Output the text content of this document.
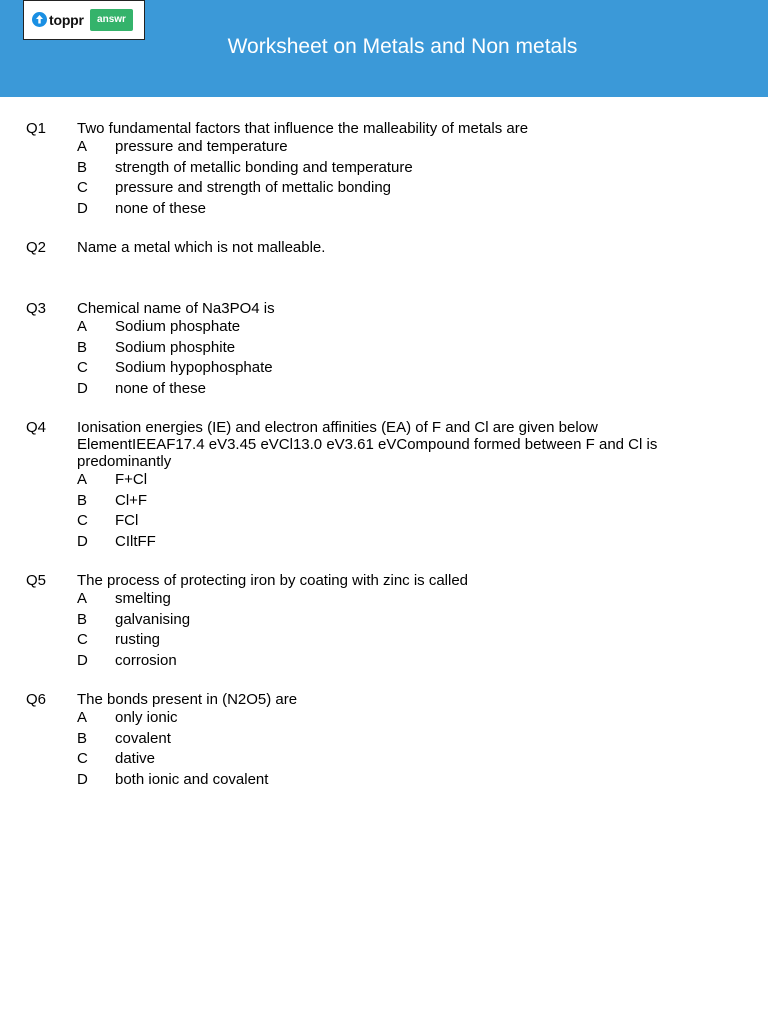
toppr	answr
Worksheet on Metals and Non metals
Q1 Two fundamental factors that influence the malleability of metals are
A pressure and temperature
B strength of metallic bonding and temperature
C pressure and strength of mettalic bonding
D none of these
Q2 Name a metal which is not malleable.
Q3 Chemical name of Na3PO4 is
A Sodium phosphate
B Sodium phosphite
C Sodium hypophosphate
D none of these
Q4 Ionisation energies (IE) and electron affinities (EA) of F and Cl are given below ElementIEEAF17.4 eV3.45 eVCl13.0 eV3.61 eVCompound formed between F and Cl is predominantly
A F+Cl
B Cl+F
C FCl
D CIltFF
Q5 The process of protecting iron by coating with zinc is called
A smelting
B galvanising
C rusting
D corrosion
Q6 The bonds present in (N2O5) are
A only ionic
B covalent
C dative
D both ionic and covalent
